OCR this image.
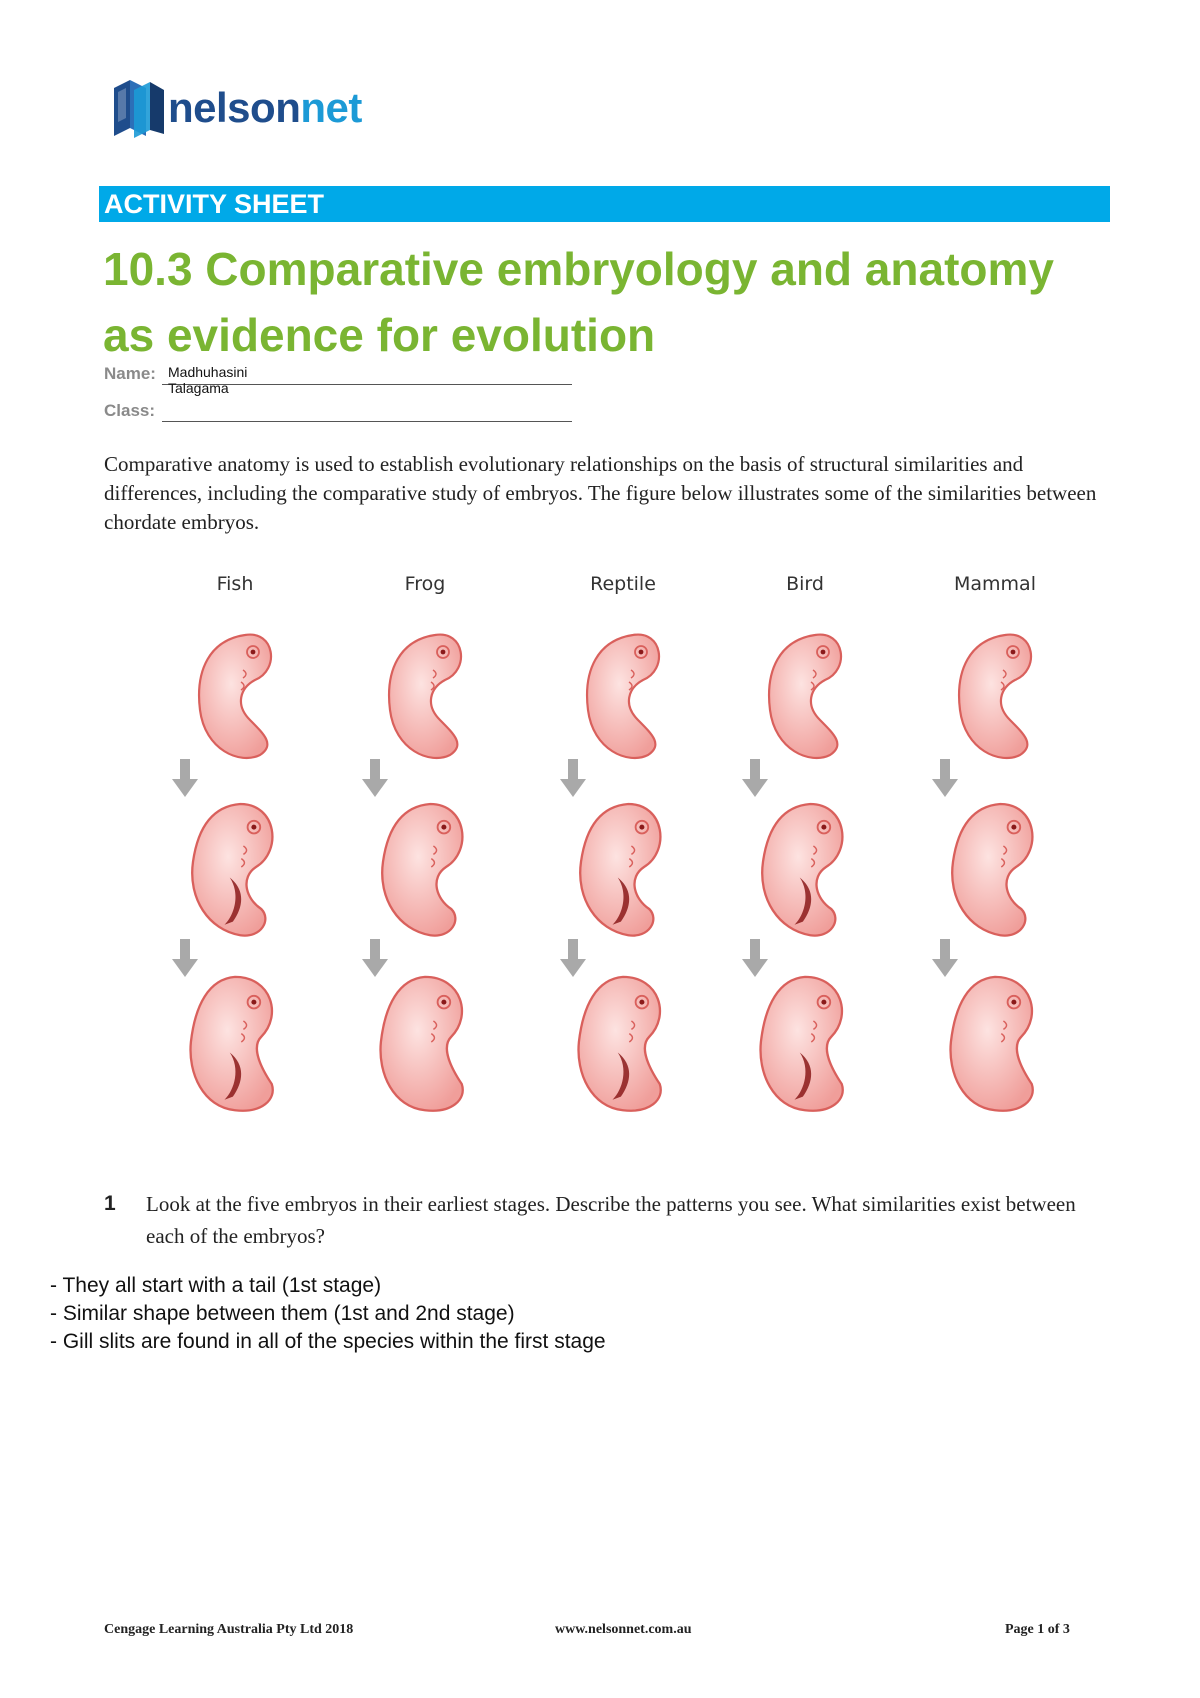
nelsonnet
ACTIVITY SHEET
10.3 Comparative embryology and anatomy as evidence for evolution
Name: Madhuhasini Talagama
Class:

Comparative anatomy is used to establish evolutionary relationships on the basis of structural similarities and differences, including the comparative study of embryos. The figure below illustrates some of the similarities between chordate embryos.

Fish	Frog	Reptile	Bird	Mammal
1 Look at the five embryos in their earliest stages. Describe the patterns you see. What similarities exist between each of the embryos?
- They all start with a tail (1st stage)
- Similar shape between them (1st and 2nd stage)
- Gill slits are found in all of the species within the first stage
Cengage Learning Australia Pty Ltd 2018	www.nelsonnet.com.au	Page 1 of 3
